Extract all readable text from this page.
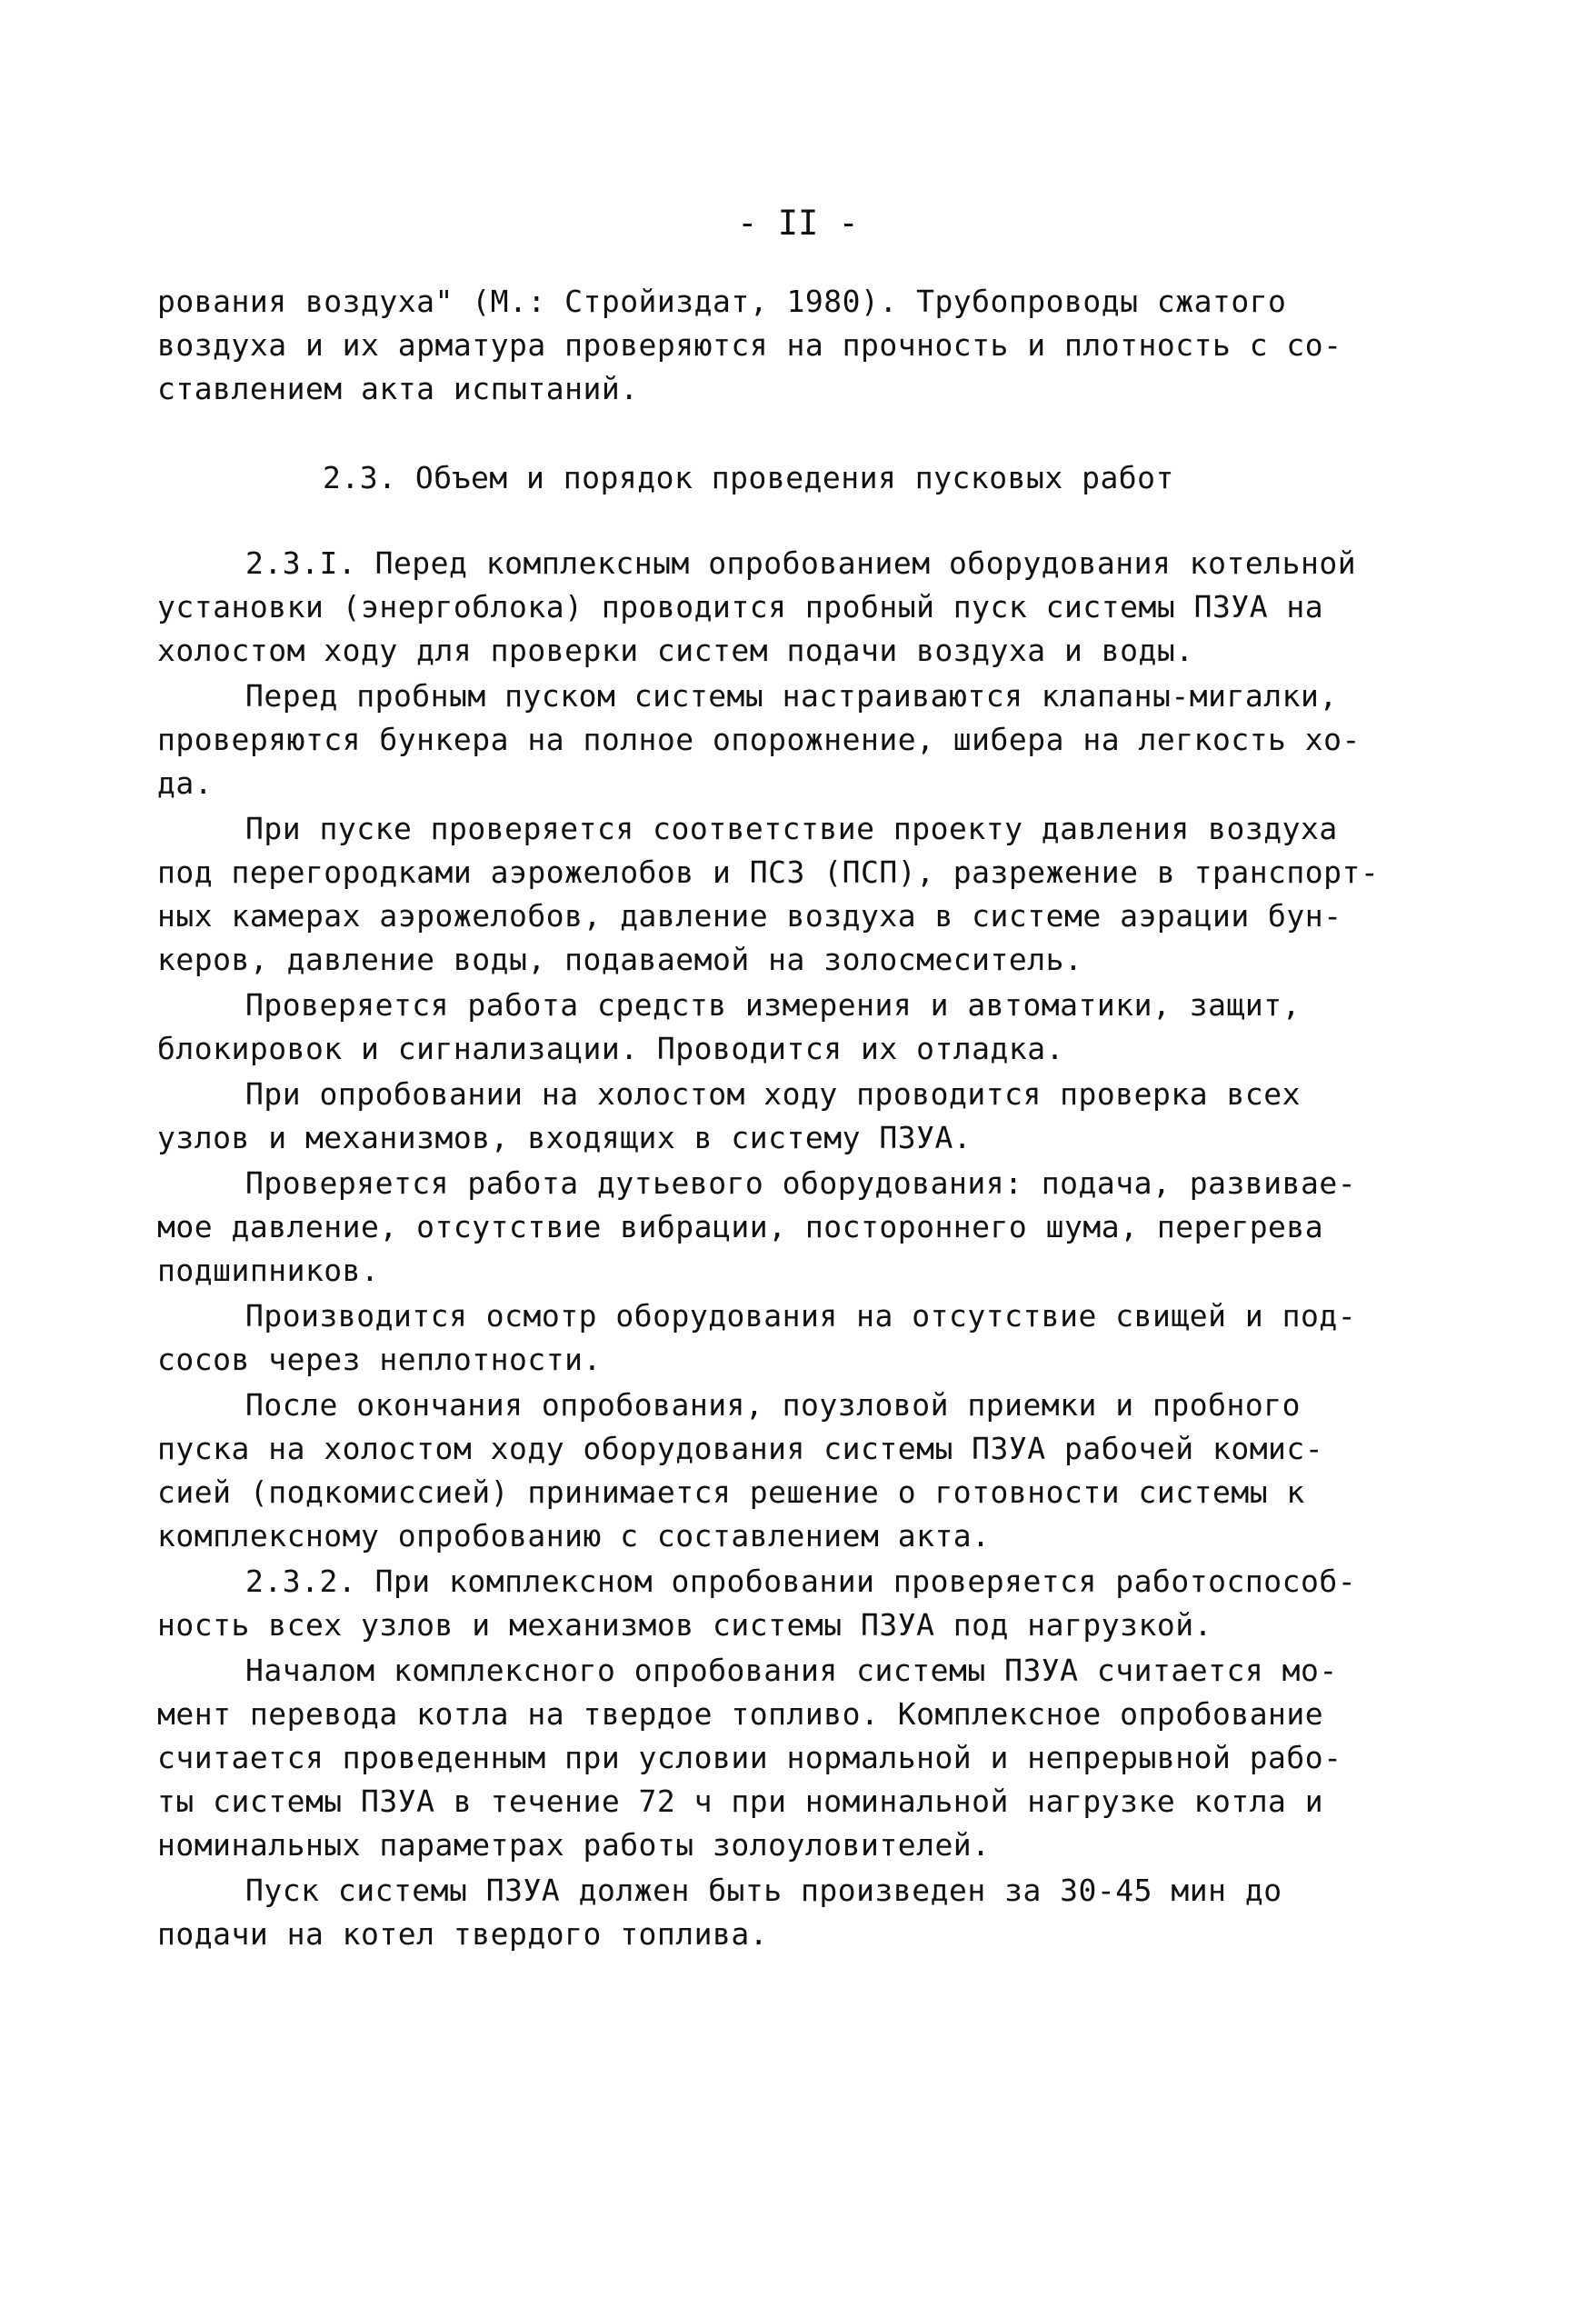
- II -
рования воздуха" (М.: Стройиздат, 1980). Трубопроводы сжатого
воздуха и их арматура проверяются на прочность и плотность с со-
ставлением акта испытаний.
2.3. Объем и порядок проведения пусковых работ
2.3.I. Перед комплексным опробованием оборудования котельной
установки (энергоблока) проводится пробный пуск системы ПЗУА на
холостом ходу для проверки систем подачи воздуха и воды.
Перед пробным пуском системы настраиваются клапаны-мигалки,
проверяются бункера на полное опорожнение, шибера на легкость хо-
да.
При пуске проверяется соответствие проекту давления воздуха
под перегородками аэрожелобов и ПСЗ (ПСП), разрежение в транспорт-
ных камерах аэрожелобов, давление воздуха в системе аэрации бун-
керов, давление воды, подаваемой на золосмеситель.
Проверяется работа средств измерения и автоматики, защит,
блокировок и сигнализации. Проводится их отладка.
При опробовании на холостом ходу проводится проверка всех
узлов и механизмов, входящих в систему ПЗУА.
Проверяется работа дутьевого оборудования: подача, развивае-
мое давление, отсутствие вибрации, постороннего шума, перегрева
подшипников.
Производится осмотр оборудования на отсутствие свищей и под-
сосов через неплотности.
После окончания опробования, поузловой приемки и пробного
пуска на холостом ходу оборудования системы ПЗУА рабочей комис-
сией (подкомиссией) принимается решение о готовности системы к
комплексному опробованию с составлением акта.
2.3.2. При комплексном опробовании проверяется работоспособ-
ность всех узлов и механизмов системы ПЗУА под нагрузкой.
Началом комплексного опробования системы ПЗУА считается мо-
мент перевода котла на твердое топливо. Комплексное опробование
считается проведенным при условии нормальной и непрерывной рабо-
ты системы ПЗУА в течение 72 ч при номинальной нагрузке котла и
номинальных параметрах работы золоуловителей.
Пуск системы ПЗУА должен быть произведен за 30-45 мин до
подачи на котел твердого топлива.
